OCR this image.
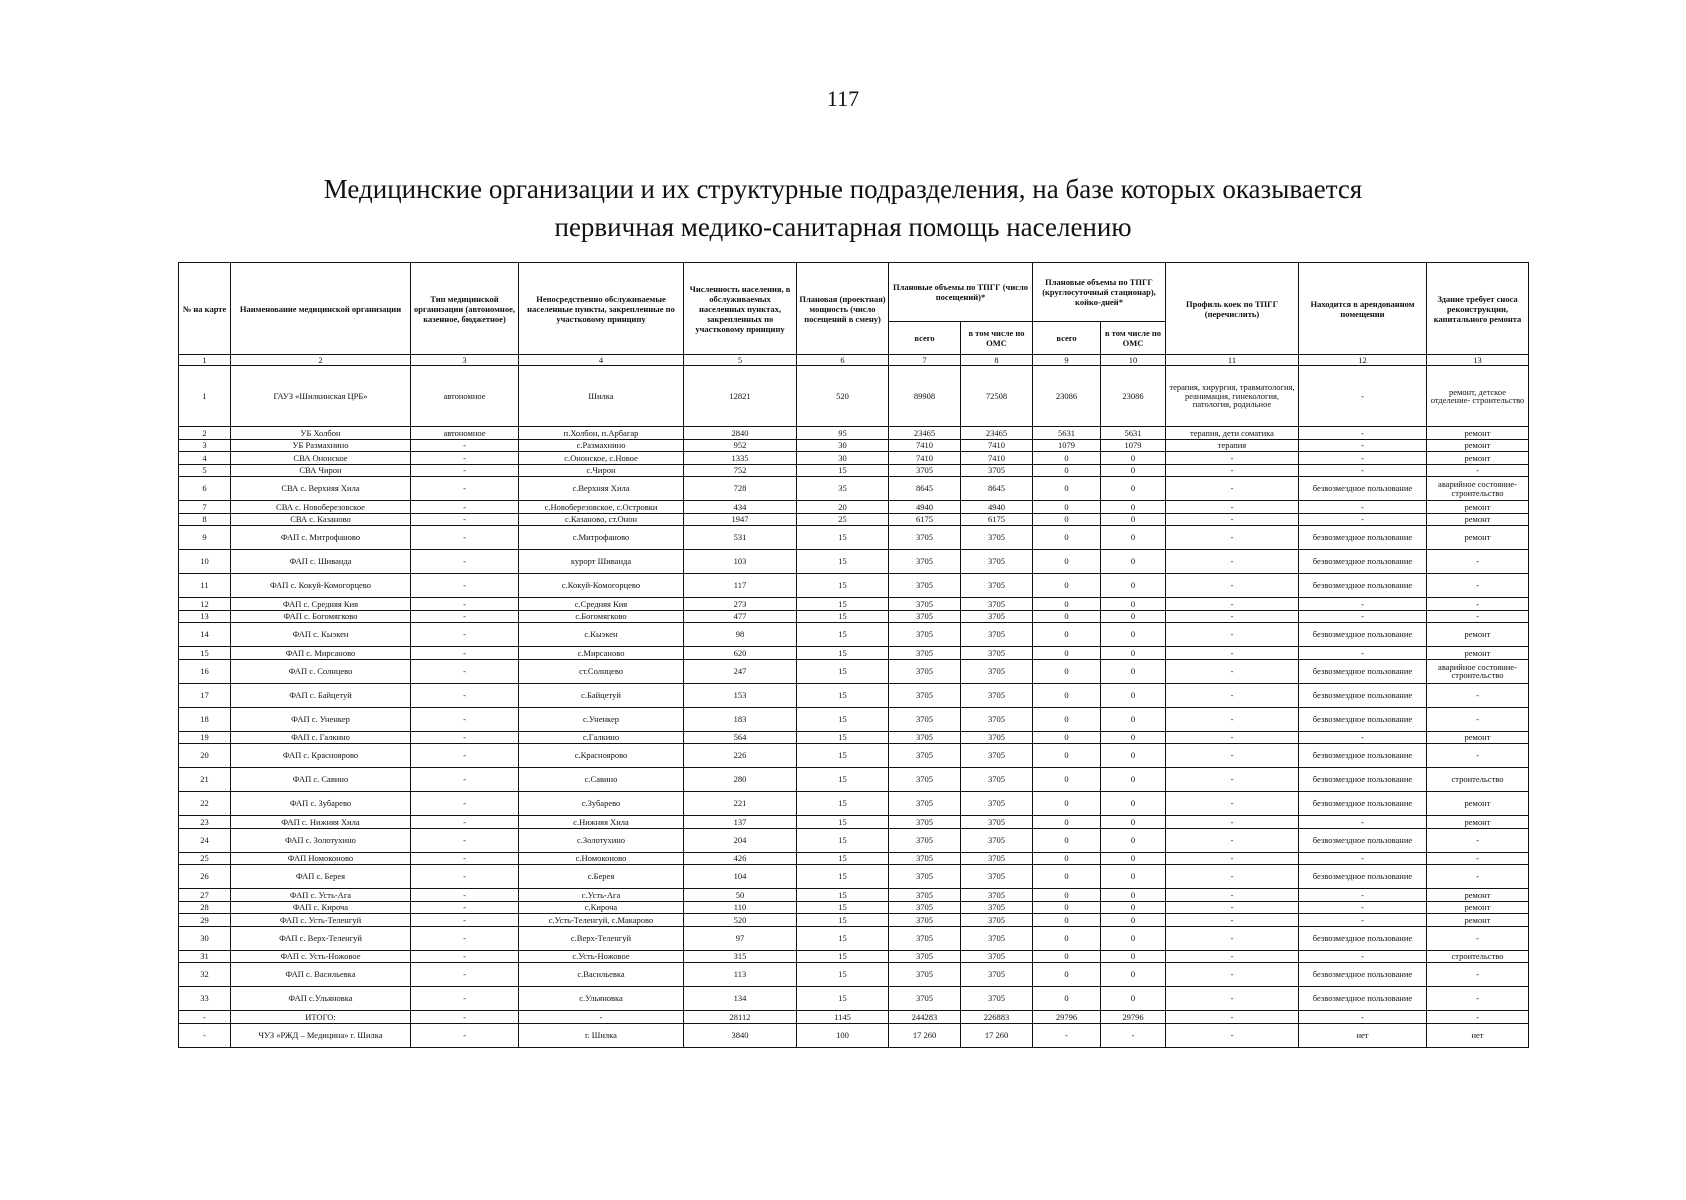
117
Медицинские организации и их структурные подразделения, на базе которых оказывается
первичная медико-санитарная помощь населению
№ на карте	Наименование медицинской организации	Тип медицинской организации (автономное, казенное, бюджетное)	Непосредственно обслуживаемые населенные пункты, закрепленные по участковому принципу	Численность населения, в обслуживаемых населенных пунктах, закрепленных по участковому принципу	Плановая (проектная) мощность (число посещений в смену)	Плановые объемы по ТПГГ (число посещений)*		Плановые объемы по ТПГГ (круглосуточный стационар), койко-дней*		Профиль коек по ТПГГ (перечислить)	Находится в арендованном помещении	Здание требует сноса реконструкции, капитального ремонта
						всего	в том числе по ОМС	всего	в том числе по ОМС			
1	2	3	4	5	6	7	8	9	10	11	12	13
1	ГАУЗ «Шилкинская ЦРБ»	автономное	Шилка	12821	520	89908	72508	23086	23086	терапия, хирургия, травматология, реанимация, гинекология, патология, родильное	-	ремонт, детское отделение- строительство
2	УБ Холбон	автономное	п.Холбон, п.Арбагар	2840	95	23465	23465	5631	5631	терапия, дети соматика	-	ремонт
3	УБ Размахнино	-	с.Размахнино	952	30	7410	7410	1079	1079	терапия	-	ремонт
4	СВА Ононское	-	с.Ононское, с.Новое	1335	30	7410	7410	0	0	-	-	ремонт
5	СВА Чирон	-	с.Чирон	752	15	3705	3705	0	0	-	-	-
6	СВА с. Верхняя Хила	-	с.Верхняя Хила	728	35	8645	8645	0	0	-	безвозмездное пользование	аварийное состояние- строительство
7	СВА с. Новоберезовское	-	с.Новоберезовское, с.Островки	434	20	4940	4940	0	0	-	-	ремонт
8	СВА с. Казаново	-	с.Казаново, ст.Онон	1947	25	6175	6175	0	0	-	-	ремонт
9	ФАП с. Митрофаново	-	с.Митрофаново	531	15	3705	3705	0	0	-	безвозмездное пользование	ремонт
10	ФАП с. Шиванда	-	курорт Шиванда	103	15	3705	3705	0	0	-	безвозмездное пользование	-
11	ФАП с. Кокуй-Комогорцево	-	с.Кокуй-Комогорцево	117	15	3705	3705	0	0	-	безвозмездное пользование	-
12	ФАП с. Средняя Кия	-	с.Средняя Кия	273	15	3705	3705	0	0	-	-	-
13	ФАП с. Богомягково	-	с.Богомягково	477	15	3705	3705	0	0	-	-	-
14	ФАП с. Кыэкен	-	с.Кыэкен	98	15	3705	3705	0	0	-	безвозмездное пользование	ремонт
15	ФАП с. Мирсаново	-	с.Мирсаново	620	15	3705	3705	0	0	-	-	ремонт
16	ФАП с. Солнцево	-	ст.Солнцево	247	15	3705	3705	0	0	-	безвозмездное пользование	аварийное состояние- строительство
17	ФАП с. Байцетуй	-	с.Байцетуй	153	15	3705	3705	0	0	-	безвозмездное пользование	-
18	ФАП с. Уненкер	-	с.Уненкер	183	15	3705	3705	0	0	-	безвозмездное пользование	-
19	ФАП с. Галкино	-	с.Галкино	564	15	3705	3705	0	0	-	-	ремонт
20	ФАП с. Красноярово	-	с.Красноярово	226	15	3705	3705	0	0	-	безвозмездное пользование	-
21	ФАП с. Савино	-	с.Савино	280	15	3705	3705	0	0	-	безвозмездное пользование	строительство
22	ФАП с. Зубарево	-	с.Зубарево	221	15	3705	3705	0	0	-	безвозмездное пользование	ремонт
23	ФАП с. Нижняя Хила	-	с.Нижняя Хила	137	15	3705	3705	0	0	-	-	ремонт
24	ФАП с. Золотухино	-	с.Золотухино	204	15	3705	3705	0	0	-	безвозмездное пользование	-
25	ФАП Номоконово	-	с.Номоконово	426	15	3705	3705	0	0	-	-	-
26	ФАП с. Берея	-	с.Берея	104	15	3705	3705	0	0	-	безвозмездное пользование	-
27	ФАП с. Усть-Ага	-	с.Усть-Ага	50	15	3705	3705	0	0	-	-	ремонт
28	ФАП с. Кирочa	-	с.Кирочa	110	15	3705	3705	0	0	-	-	ремонт
29	ФАП с. Усть-Теленгуй	-	с.Усть-Теленгуй, с.Макарово	520	15	3705	3705	0	0	-	-	ремонт
30	ФАП с. Верх-Теленгуй	-	с.Верх-Теленгуй	97	15	3705	3705	0	0	-	безвозмездное пользование	-
31	ФАП с. Усть-Ножовое	-	с.Усть-Ножовое	315	15	3705	3705	0	0	-	-	строительство
32	ФАП с. Васильевка	-	с.Васильевка	113	15	3705	3705	0	0	-	безвозмездное пользование	-
33	ФАП с.Ульяновка	-	с.Ульяновка	134	15	3705	3705	0	0	-	безвозмездное пользование	-
-	ИТОГО:	-	-	28112	1145	244283	226883	29796	29796	-	-	-
-	ЧУЗ «РЖД – Медицина» г. Шилка	-	г. Шилка	3840	100	17 260	17 260	-	-	-	нет	нет
